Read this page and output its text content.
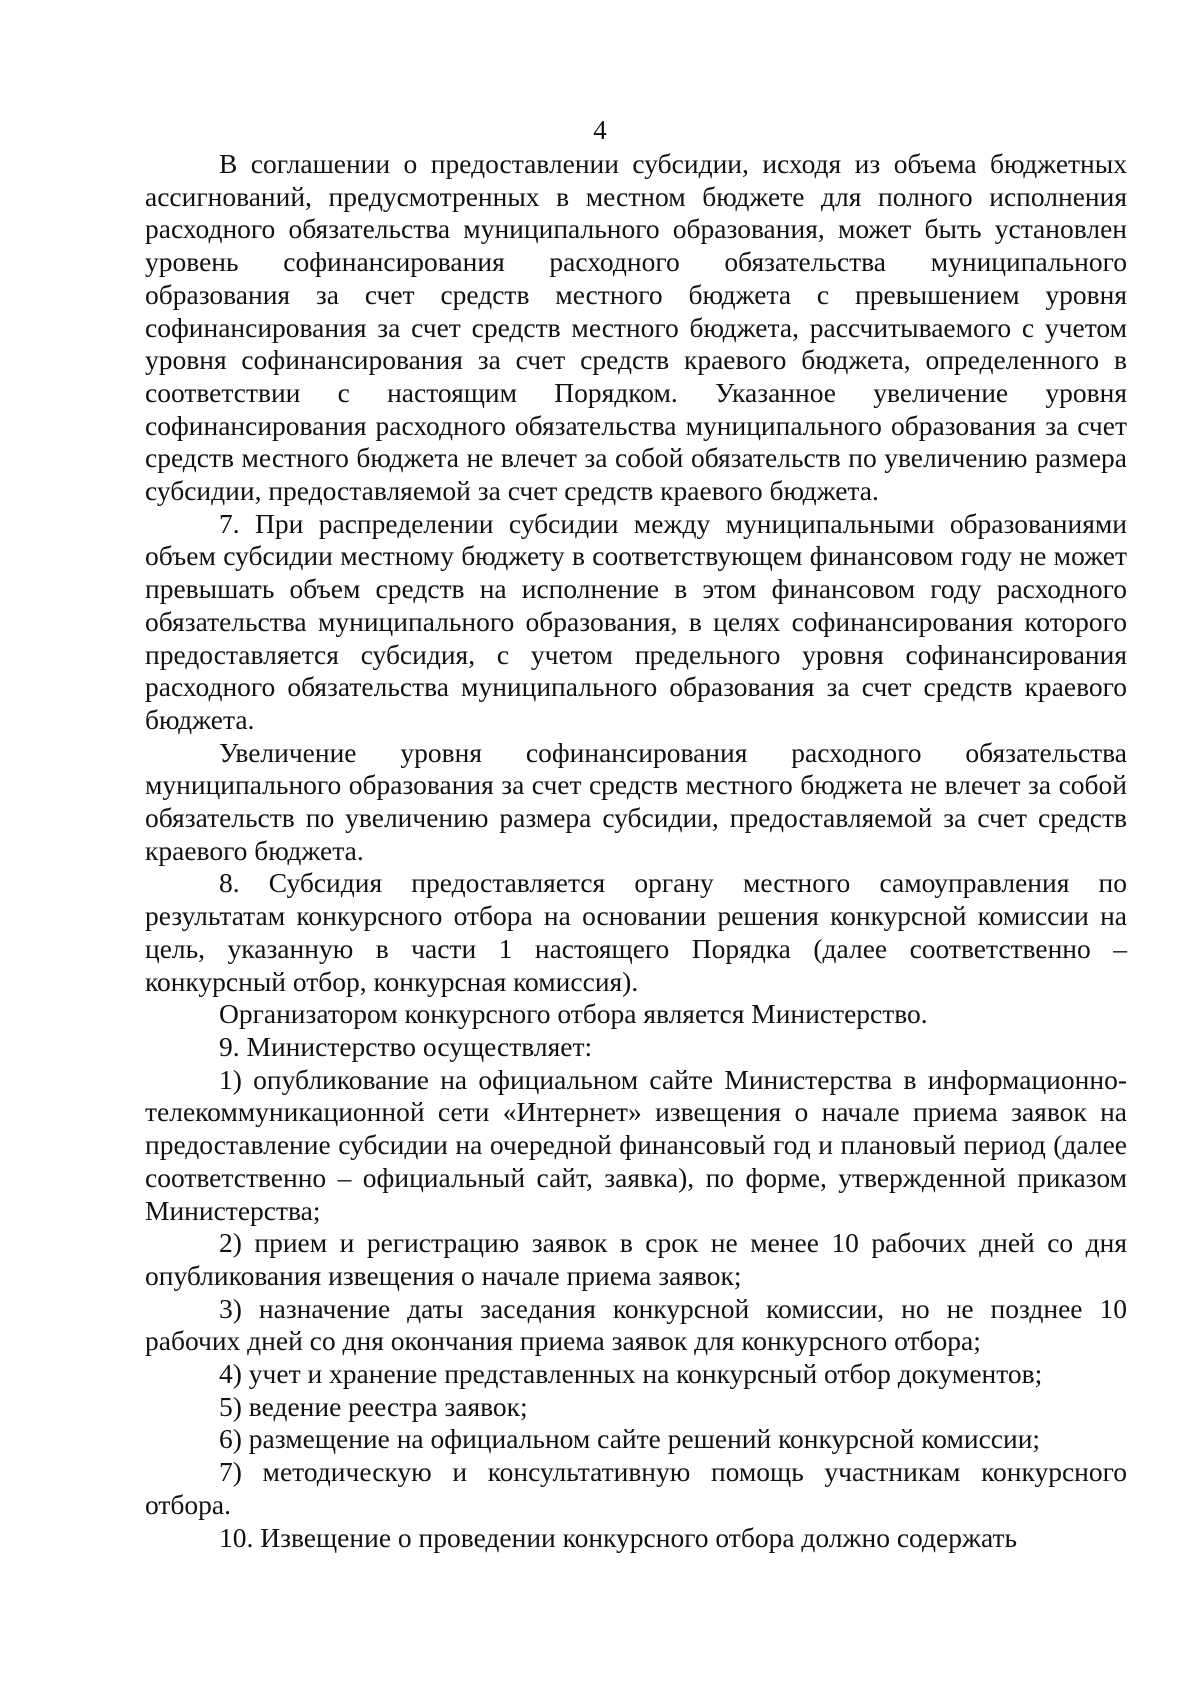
4

В соглашении о предоставлении субсидии, исходя из объема бюджетных ассигнований, предусмотренных в местном бюджете для полного исполнения расходного обязательства муниципального образования, может быть установлен уровень софинансирования расходного обязательства муниципального образования за счет средств местного бюджета с превышением уровня софинансирования за счет средств местного бюджета, рассчитываемого с учетом уровня софинансирования за счет средств краевого бюджета, определенного в соответствии с настоящим Порядком. Указанное увеличение уровня софинансирования расходного обязательства муниципального образования за счет средств местного бюджета не влечет за собой обязательств по увеличению размера субсидии, предоставляемой за счет средств краевого бюджета.

7. При распределении субсидии между муниципальными образованиями объем субсидии местному бюджету в соответствующем финансовом году не может превышать объем средств на исполнение в этом финансовом году расходного обязательства муниципального образования, в целях софинансирования которого предоставляется субсидия, с учетом предельного уровня софинансирования расходного обязательства муниципального образования за счет средств краевого бюджета.

Увеличение уровня софинансирования расходного обязательства муниципального образования за счет средств местного бюджета не влечет за собой обязательств по увеличению размера субсидии, предоставляемой за счет средств краевого бюджета.

8. Субсидия предоставляется органу местного самоуправления по результатам конкурсного отбора на основании решения конкурсной комиссии на цель, указанную в части 1 настоящего Порядка (далее соответственно – конкурсный отбор, конкурсная комиссия).

Организатором конкурсного отбора является Министерство.

9. Министерство осуществляет:

1) опубликование на официальном сайте Министерства в информационно-телекоммуникационной сети «Интернет» извещения о начале приема заявок на предоставление субсидии на очередной финансовый год и плановый период (далее соответственно – официальный сайт, заявка), по форме, утвержденной приказом Министерства;

2) прием и регистрацию заявок в срок не менее 10 рабочих дней со дня опубликования извещения о начале приема заявок;

3) назначение даты заседания конкурсной комиссии, но не позднее 10 рабочих дней со дня окончания приема заявок для конкурсного отбора;

4) учет и хранение представленных на конкурсный отбор документов;

5) ведение реестра заявок;

6) размещение на официальном сайте решений конкурсной комиссии;

7) методическую и консультативную помощь участникам конкурсного отбора.

10. Извещение о проведении конкурсного отбора должно содержать
